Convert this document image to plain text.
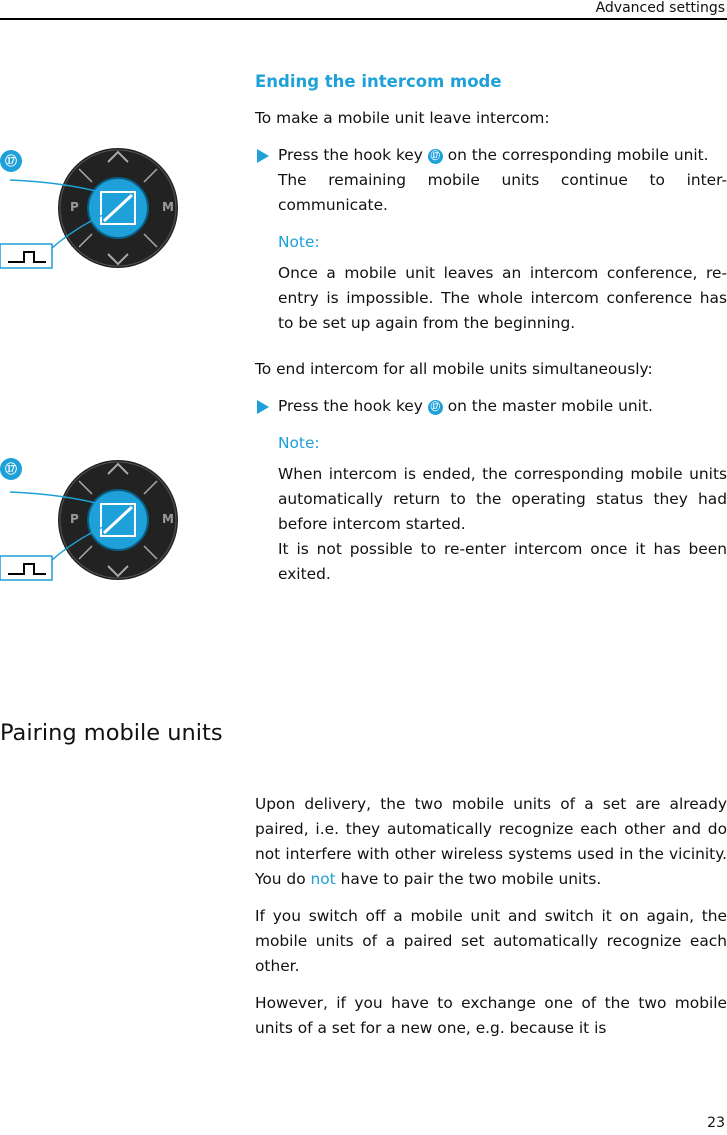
Advanced settings
P	M
⑰
P	M
⑰

Ending the intercom mode

To make a mobile unit leave intercom:

Press the hook key ⑰ on the corresponding mobile unit.

The remaining mobile units continue to inter-communicate.

Note:

Once a mobile unit leaves an intercom conference, re-entry is impossible. The whole intercom conference has to be set up again from the beginning.

To end intercom for all mobile units simultaneously:

Press the hook key ⑰ on the master mobile unit.

Note:

When intercom is ended, the corresponding mobile units automatically return to the operating status they had before intercom started.

It is not possible to re-enter intercom once it has been exited.

Pairing mobile units

Upon delivery, the two mobile units of a set are already paired, i.e. they automatically recognize each other and do not interfere with other wireless systems used in the vicinity. You do not have to pair the two mobile units.

If you switch off a mobile unit and switch it on again, the mobile units of a paired set automatically recognize each other.

However, if you have to exchange one of the two mobile units of a set for a new one, e.g. because it is

23
